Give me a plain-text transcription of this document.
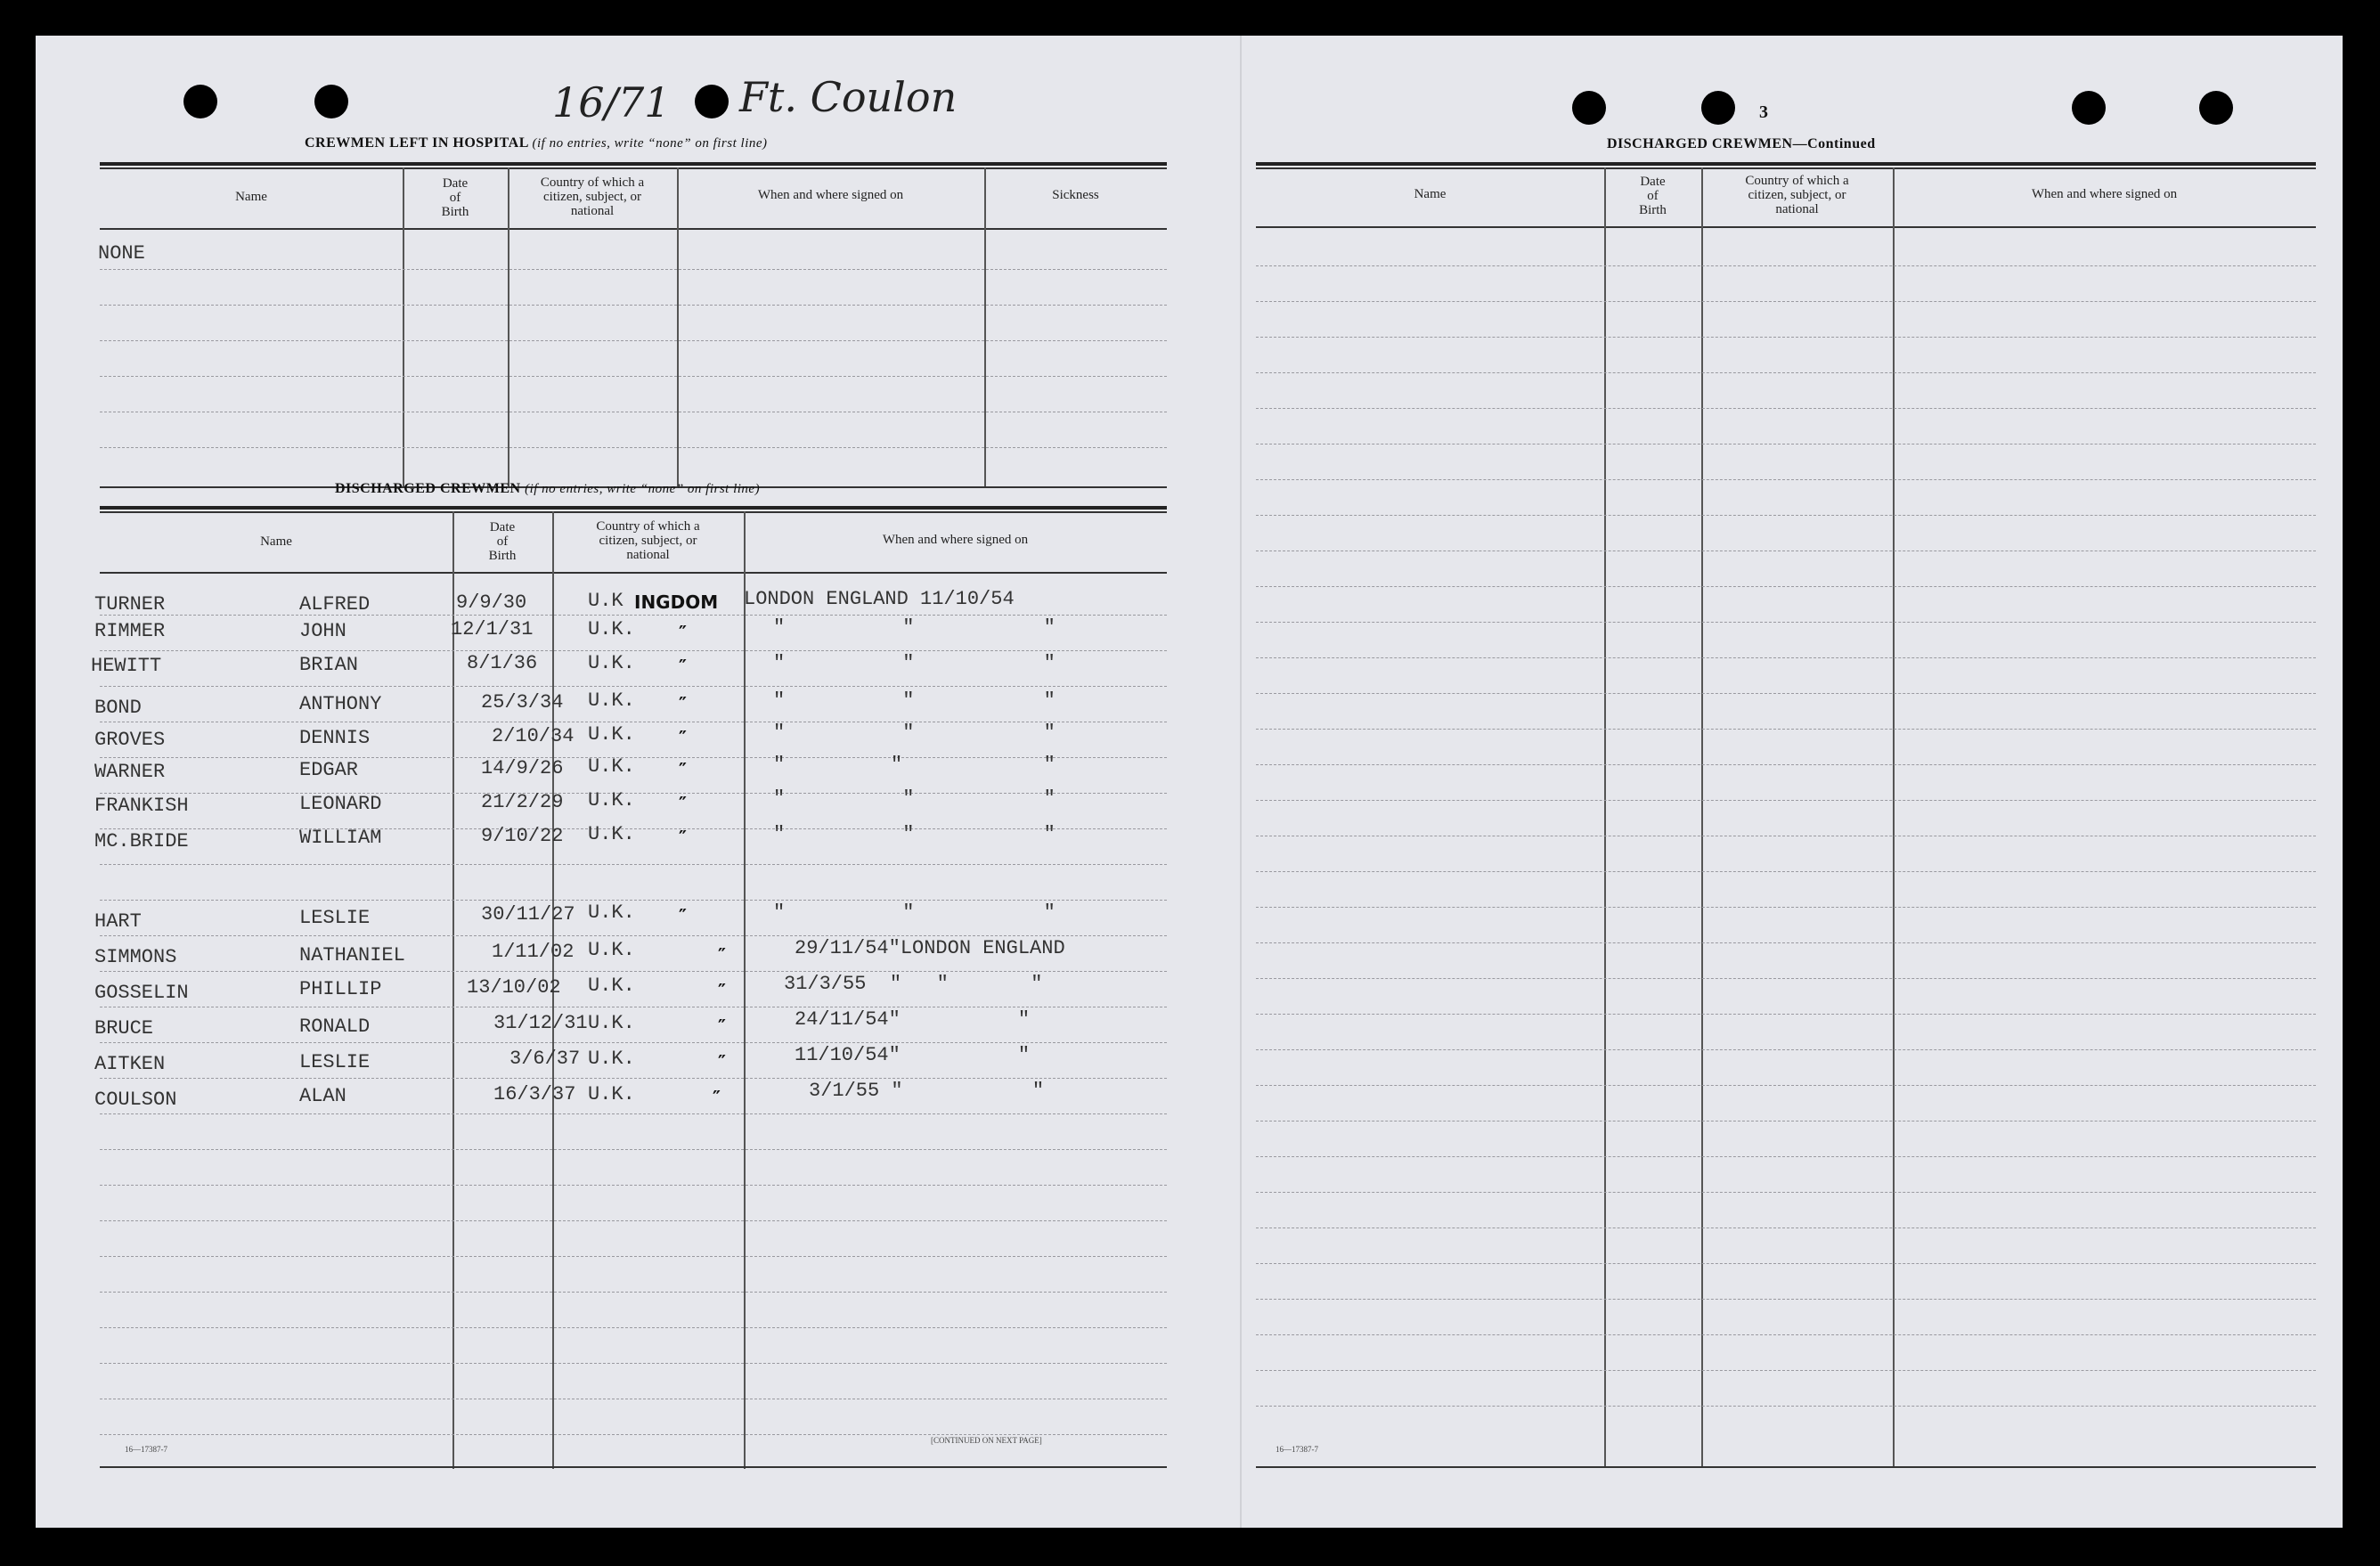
16/71 Ft. Coulon
CREWMEN LEFT IN HOSPITAL (if no entries, write “none” on first line)
Name
Date
of
Birth
Country of which a
citizen, subject, or
national
When and where signed on	Sickness
NONE
DISCHARGED CREWMEN (if no entries, write “none” on first line)
Name
Date
of
Birth
Country of which a
citizen, subject, or
national
When and where signed on
TURNER	ALFRED	9/9/30	U.K INGDOM LONDON ENGLAND 11/10/54
RIMMER	JOHN	12/1/31	U.K. ″	″          ″           ″
HEWITT	BRIAN	8/1/36	U.K. ″	″          ″           ″
BOND	ANTHONY	25/3/34 U.K. ″	″          ″           ″
GROVES	DENNIS	2/10/34 U.K. ″	″          ″           ″
WARNER	EDGAR	14/9/26 U.K. ″	″         ″            ″
FRANKISH	LEONARD	21/2/29 U.K. ″	″          ″           ″
MC.BRIDE	WILLIAM	9/10/22 U.K. ″	″          ″           ″
HART	LESLIE	30/11/27 U.K. ″	″          ″           ″
SIMMONS	NATHANIEL	1/11/02 U.K.	″	29/11/54″LONDON ENGLAND
GOSSELIN	PHILLIP	13/10/02 U.K.	″	31/3/55  ″   ″       ″
BRUCE	RONALD	31/12/31 U.K.	″	24/11/54″          ″
AITKEN	LESLIE	3/6/37 U.K.	″	11/10/54″          ″
COULSON	ALAN	16/3/37 U.K.	″	3/1/55 ″           ″
16—17387-7
[CONTINUED ON NEXT PAGE]
3
DISCHARGED CREWMEN—Continued
Name
Date
of
Birth
Country of which a
citizen, subject, or
national
When and where signed on
16—17387-7
